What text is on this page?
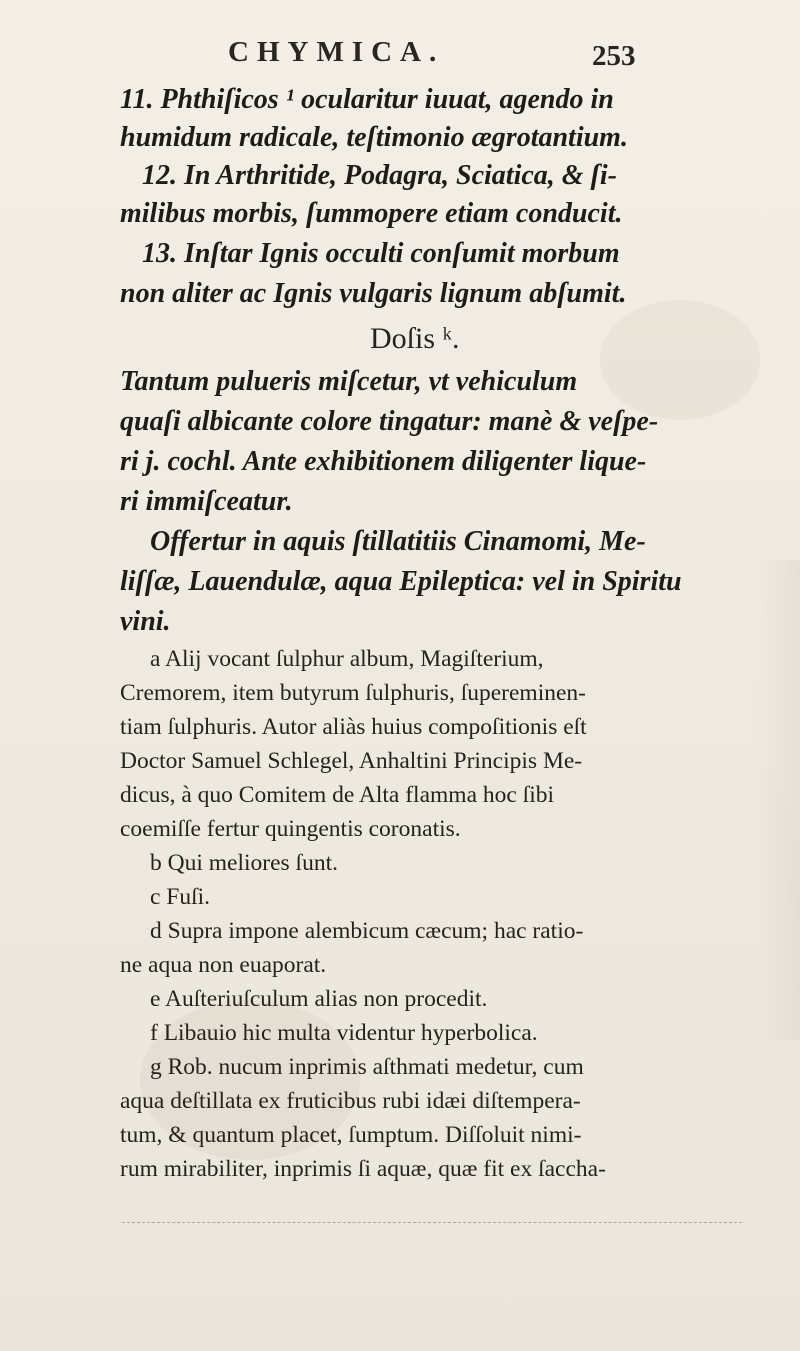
CHYMICA.	253
11. Phthiſicos ¹ ocularitur iuuat, agendo in
humidum radicale, teſtimonio ægrotantium.
12. In Arthritide, Podagra, Sciatica, & ſi-
milibus morbis, ſummopere etiam conducit.
13. Inſtar Ignis occulti conſumit morbum
non aliter ac Ignis vulgaris lignum abſumit.
Doſis ᵏ.
Tantum pulueris miſcetur, vt vehiculum
quaſi albicante colore tingatur: manè & veſpe-
ri j. cochl. Ante exhibitionem diligenter lique-
ri immiſceatur.
Offertur in aquis ſtillatitiis Cinamomi, Me-
liſſæ, Lauendulæ, aqua Epileptica: vel in Spiritu
vini.
a Alij vocant ſulphur album, Magiſterium,
Cremorem, item butyrum ſulphuris, ſupereminen-
tiam ſulphuris. Autor aliàs huius compoſitionis eſt
Doctor Samuel Schlegel, Anhaltini Principis Me-
dicus, à quo Comitem de Alta flamma hoc ſibi
coemiſſe fertur quingentis coronatis.
b Qui meliores ſunt.
c Fuſi.
d Supra impone alembicum cæcum; hac ratio-
ne aqua non euaporat.
e Auſteriuſculum alias non procedit.
f Libauio hic multa videntur hyperbolica.
g Rob. nucum inprimis aſthmati medetur, cum
aqua deſtillata ex fruticibus rubi idæi diſtempera-
tum, & quantum placet, ſumptum. Diſſoluit nimi-
rum mirabiliter, inprimis ſi aquæ, quæ fit ex ſaccha-
